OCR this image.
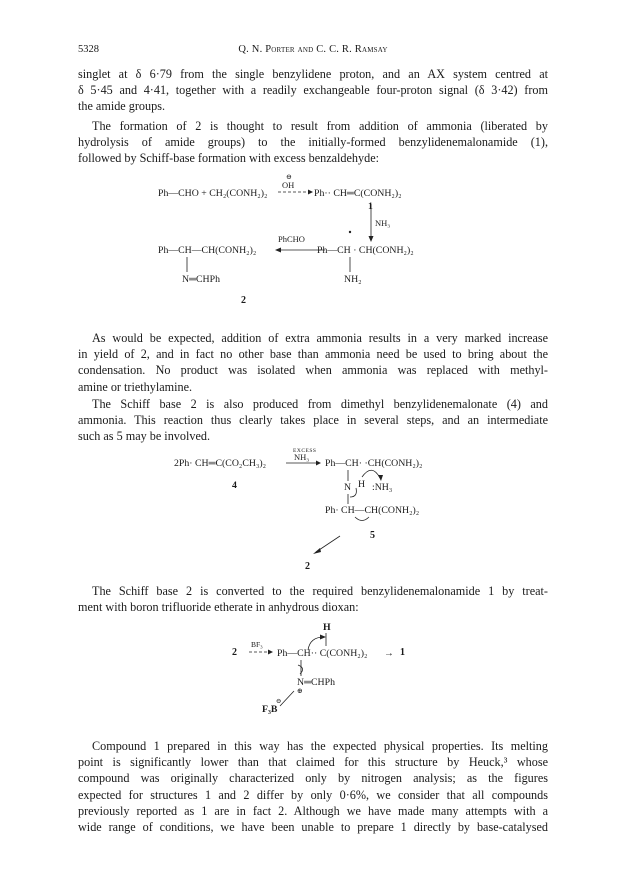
5328	Q. N. Porter and C. C. R. Ramsay
singlet at δ 6·79 from the single benzylidene proton, and an AX system centred at
δ 5·45 and 4·41, together with a readily exchangeable four-proton signal (δ 3·42) from
the amide groups.
The formation of 2 is thought to result from addition of ammonia (liberated by
hydrolysis of amide groups) to the initially-formed benzylidenemalonamide (1),
followed by Schiff-base formation with excess benzaldehyde:
Ph—CHO + CH₂(CONH₂)₂
⊖
OH
Ph·· CH═C(CONH₂)₂
1
NH₃
PhCHO
Ph—CH—CH(CONH₂)₂
N═CHPh
Ph—CH · CH(CONH₂)₂
NH₂
2
As would be expected, addition of extra ammonia results in a very marked increase
in yield of 2, and in fact no other base than ammonia need be used to bring about the
condensation. No product was isolated when ammonia was replaced with methyl-
amine or triethylamine.
The Schiff base 2 is also produced from dimethyl benzylidenemalonate (4) and
ammonia. This reaction thus clearly takes place in several steps, and an intermediate
such as 5 may be involved.
2Ph· CH═C(CO₂CH₃)₂
4
EXCESS
NH₃
Ph—CH· ·CH(CONH₂)₂
N H :NH₃
Ph· CH—CH(CONH₂)₂
5
2
The Schiff base 2 is converted to the required benzylidenemalonamide 1 by treat-
ment with boron trifluoride etherate in anhydrous dioxan:
H
2
BF₃
Ph—CH·· C(CONH₂)₂ → 1
N═CHPh
⊕
⊖
F₃B
Compound 1 prepared in this way has the expected physical properties. Its melting
point is significantly lower than that claimed for this structure by Heuck,³ whose
compound was originally characterized only by nitrogen analysis; as the figures
expected for structures 1 and 2 differ by only 0·6%, we consider that all compounds
previously reported as 1 are in fact 2. Although we have made many attempts with a
wide range of conditions, we have been unable to prepare 1 directly by base-catalysed
